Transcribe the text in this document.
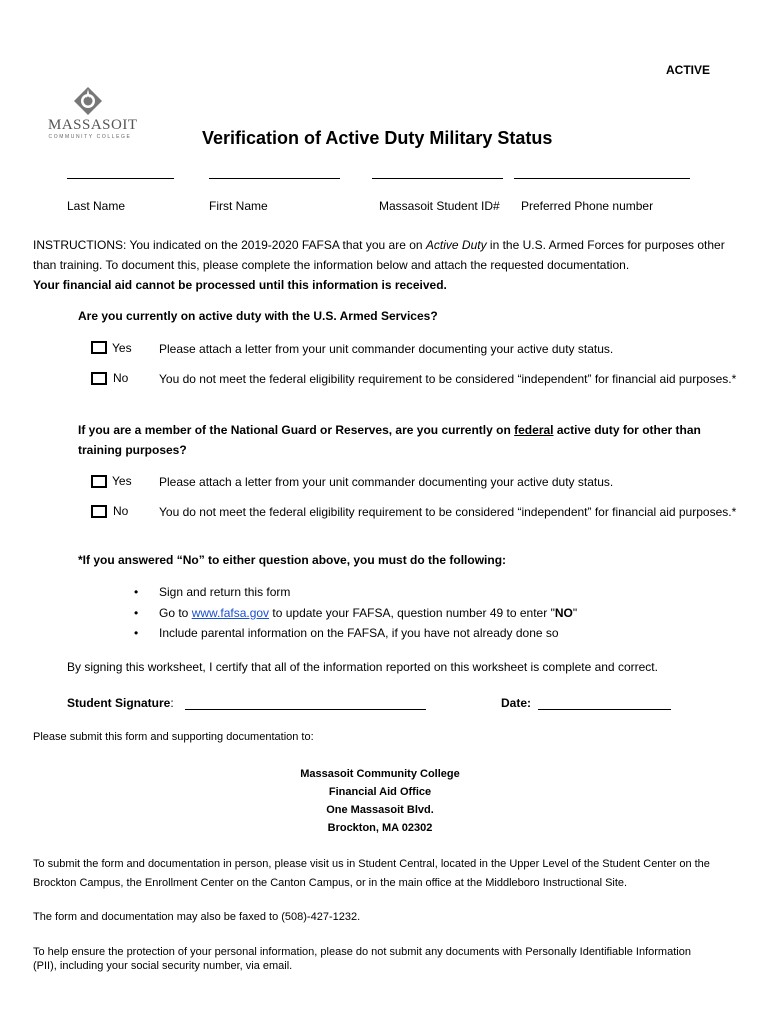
ACTIVE
MASSASOIT
COMMUNITY COLLEGE	Verification of Active Duty Military Status
Last Name	First Name	Massasoit Student ID# Preferred Phone number
INSTRUCTIONS: You indicated on the 2019-2020 FAFSA that you are on Active Duty in the U.S. Armed Forces for purposes other than training. To document this, please complete the information below and attach the requested documentation.
Your financial aid cannot be processed until this information is received.
Are you currently on active duty with the U.S. Armed Services?
Yes Please attach a letter from your unit commander documenting your active duty status.
No	You do not meet the federal eligibility requirement to be considered “independent” for financial aid purposes.*
If you are a member of the National Guard or Reserves, are you currently on federal active duty for other than training purposes?
Yes Please attach a letter from your unit commander documenting your active duty status.
No	You do not meet the federal eligibility requirement to be considered “independent” for financial aid purposes.*
*If you answered “No” to either question above, you must do the following:
• Sign and return this form
• Go to www.fafsa.gov to update your FAFSA, question number 49 to enter "NO"
• Include parental information on the FAFSA, if you have not already done so
By signing this worksheet, I certify that all of the information reported on this worksheet is complete and correct.
Student Signature:	Date:
Please submit this form and supporting documentation to:
Massasoit Community College
Financial Aid Office
One Massasoit Blvd.
Brockton, MA 02302
To submit the form and documentation in person, please visit us in Student Central, located in the Upper Level of the Student Center on the Brockton Campus, the Enrollment Center on the Canton Campus, or in the main office at the Middleboro Instructional Site.
The form and documentation may also be faxed to (508)-427-1232.
To help ensure the protection of your personal information, please do not submit any documents with Personally Identifiable Information (PII), including your social security number, via email.
